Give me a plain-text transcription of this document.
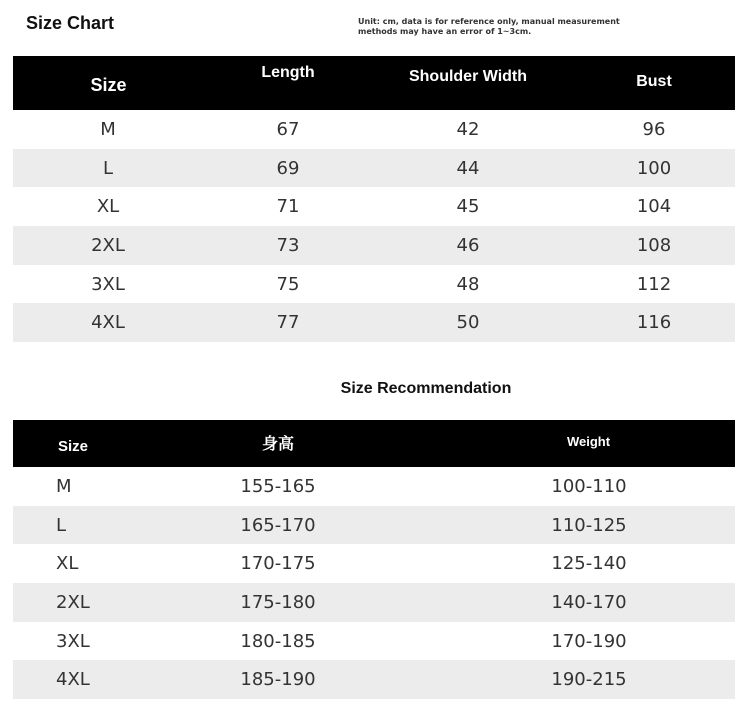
Size Chart	Unit: cm, data is for reference only, manual measurement
methods may have an error of 1~3cm.
Size	Length	Shoulder Width	Bust
M	67	42	96
L	69	44	100
XL	71	45	104
2XL	73	46	108
3XL	75	48	112
4XL	77	50	116
Size Recommendation
Size	身高	Weight
M	155-165	100-110
L	165-170	110-125
XL	170-175	125-140
2XL	175-180	140-170
3XL	180-185	170-190
4XL	185-190	190-215
